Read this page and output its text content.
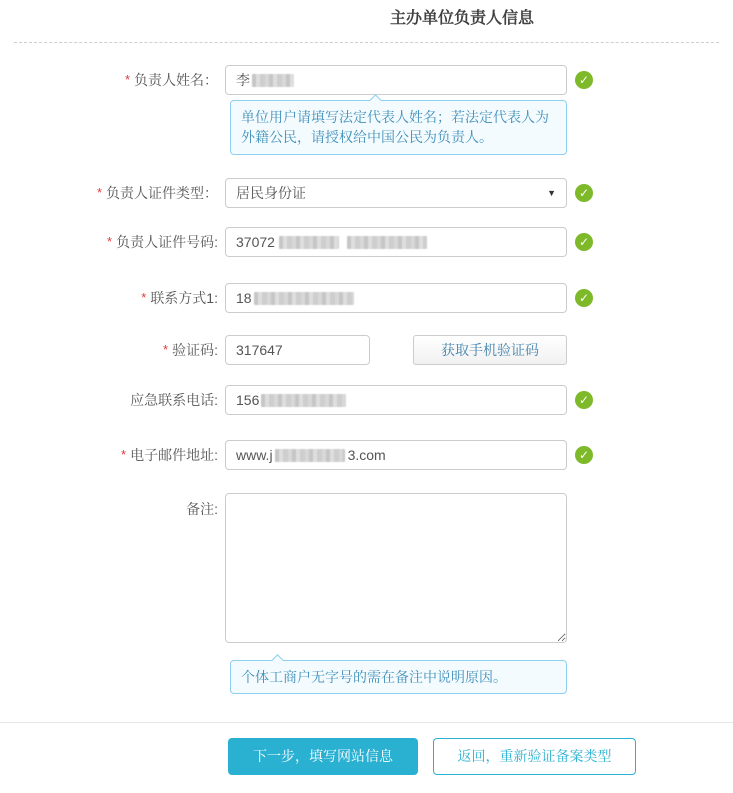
主办单位负责人信息
* 负责人姓名：	李	✓
单位用户请填写法定代表人姓名；若法定代表人为外籍公民，请授权给中国公民为负责人。
* 负责人证件类型：	▼
居民身份证	✓
* 负责人证件号码:	37072	✓
* 联系方式1:	18	✓
* 验证码:
317647	获取手机验证码
应急联系电话:	156	✓
* 电子邮件地址:	www.j	3.com	✓
备注:
个体工商户无字号的需在备注中说明原因。
下一步，填写网站信息	返回，重新验证备案类型
